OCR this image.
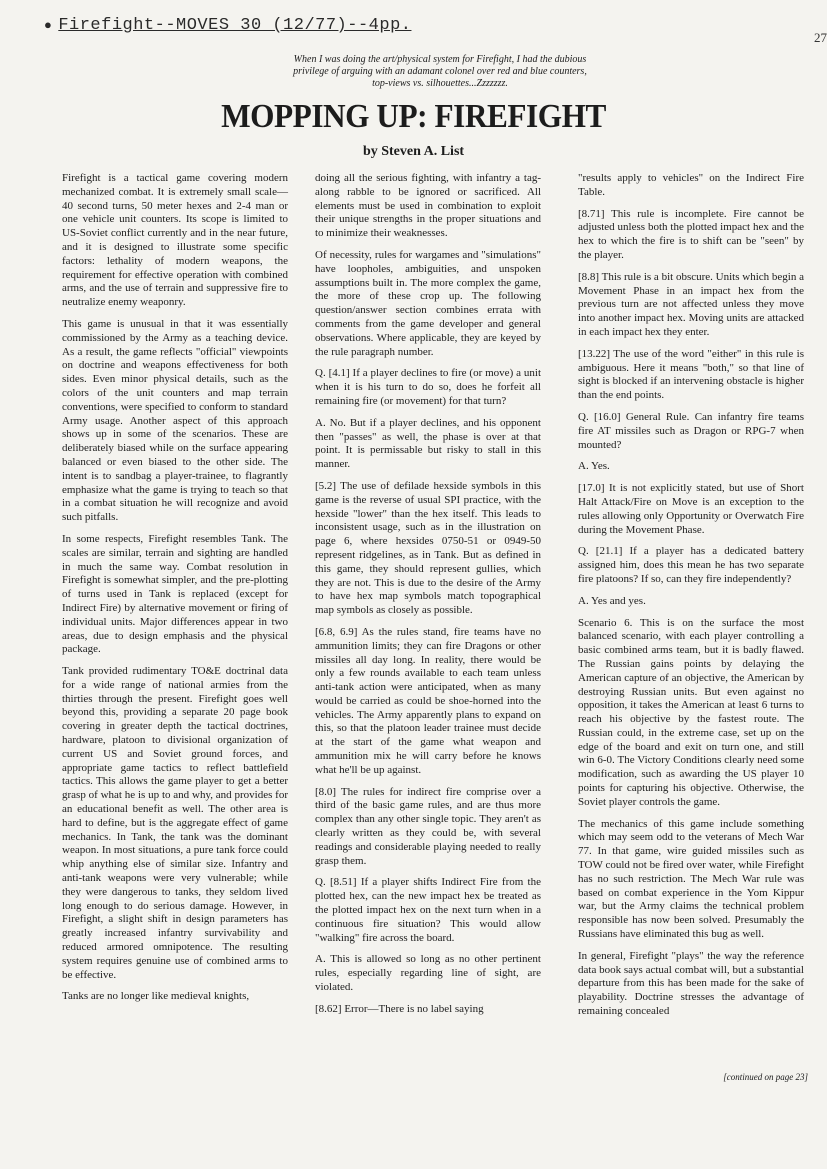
● Firefight--MOVES 30 (12/77)--4pp.
27
When I was doing the art/physical system for Firefight, I had the dubious privilege of arguing with an adamant colonel over red and blue counters, top-views vs. silhouettes...Zzzzzzz.
MOPPING UP: FIREFIGHT
by Steven A. List

Firefight is a tactical game covering modern mechanized combat. It is extremely small scale—40 second turns, 50 meter hexes and 2-4 man or one vehicle unit counters. Its scope is limited to US-Soviet conflict currently and in the near future, and it is designed to illustrate some specific factors: lethality of modern weapons, the requirement for effective operation with combined arms, and the use of terrain and suppressive fire to neutralize enemy weaponry.

This game is unusual in that it was essentially commissioned by the Army as a teaching device. As a result, the game reflects "official" viewpoints on doctrine and weapons effectiveness for both sides. Even minor physical details, such as the colors of the unit counters and map terrain conventions, were specified to conform to standard Army usage. Another aspect of this approach shows up in some of the scenarios. These are deliberately biased while on the surface appearing balanced or even biased to the other side. The intent is to sandbag a player-trainee, to flagrantly emphasize what the game is trying to teach so that in a combat situation he will recognize and avoid such pitfalls.

In some respects, Firefight resembles Tank. The scales are similar, terrain and sighting are handled in much the same way. Combat resolution in Firefight is somewhat simpler, and the pre-plotting of turns used in Tank is replaced (except for Indirect Fire) by alternative movement or firing of individual units. Major differences appear in two areas, due to design emphasis and the physical package.

Tank provided rudimentary TO&E doctrinal data for a wide range of national armies from the thirties through the present. Firefight goes well beyond this, providing a separate 20 page book covering in greater depth the tactical doctrines, hardware, platoon to divisional organization of current US and Soviet ground forces, and appropriate game tactics to reflect battlefield tactics. This allows the game player to get a better grasp of what he is up to and why, and provides for an educational benefit as well. The other area is hard to define, but is the aggregate effect of game mechanics. In Tank, the tank was the dominant weapon. In most situations, a pure tank force could whip anything else of similar size. Infantry and anti-tank weapons were very vulnerable; while they were dangerous to tanks, they seldom lived long enough to do serious damage. However, in Firefight, a slight shift in design parameters has greatly increased infantry survivability and reduced armored omnipotence. The resulting system requires genuine use of combined arms to be effective.

Tanks are no longer like medieval knights,

doing all the serious fighting, with infantry a tag-along rabble to be ignored or sacrificed. All elements must be used in combination to exploit their unique strengths in the proper situations and to minimize their weaknesses.

Of necessity, rules for wargames and "simulations" have loopholes, ambiguities, and unspoken assumptions built in. The more complex the game, the more of these crop up. The following question/answer section combines errata with comments from the game developer and general observations. Where applicable, they are keyed by the rule paragraph number.

Q. [4.1] If a player declines to fire (or move) a unit when it is his turn to do so, does he forfeit all remaining fire (or movement) for that turn?

A. No. But if a player declines, and his opponent then "passes" as well, the phase is over at that point. It is permissable but risky to stall in this manner.

[5.2] The use of defilade hexside symbols in this game is the reverse of usual SPI practice, with the hexside "lower" than the hex itself. This leads to inconsistent usage, such as in the illustration on page 6, where hexsides 0750-51 or 0949-50 represent ridgelines, as in Tank. But as defined in this game, they should represent gullies, which they are not. This is due to the desire of the Army to have hex map symbols match topographical map symbols as closely as possible.

[6.8, 6.9] As the rules stand, fire teams have no ammunition limits; they can fire Dragons or other missiles all day long. In reality, there would be only a few rounds available to each team unless anti-tank action were anticipated, when as many would be carried as could be shoe-horned into the vehicles. The Army apparently plans to expand on this, so that the platoon leader trainee must decide at the start of the game what weapon and ammunition mix he will carry before he knows what he'll be up against.

[8.0] The rules for indirect fire comprise over a third of the basic game rules, and are thus more complex than any other single topic. They aren't as clearly written as they could be, with several readings and considerable playing needed to really grasp them.

Q. [8.51] If a player shifts Indirect Fire from the plotted hex, can the new impact hex be treated as the plotted impact hex on the next turn when in a continuous fire situation? This would allow "walking" fire across the board.

A. This is allowed so long as no other pertinent rules, especially regarding line of sight, are violated.

[8.62] Error—There is no label saying

"results apply to vehicles" on the Indirect Fire Table.

[8.71] This rule is incomplete. Fire cannot be adjusted unless both the plotted impact hex and the hex to which the fire is to shift can be "seen" by the player.

[8.8] This rule is a bit obscure. Units which begin a Movement Phase in an impact hex from the previous turn are not affected unless they move into another impact hex. Moving units are attacked in each impact hex they enter.

[13.22] The use of the word "either" in this rule is ambiguous. Here it means "both," so that line of sight is blocked if an intervening obstacle is higher than the end points.

Q. [16.0] General Rule. Can infantry fire teams fire AT missiles such as Dragon or RPG-7 when mounted?

A. Yes.

[17.0] It is not explicitly stated, but use of Short Halt Attack/Fire on Move is an exception to the rules allowing only Opportunity or Overwatch Fire during the Movement Phase.

Q. [21.1] If a player has a dedicated battery assigned him, does this mean he has two separate fire platoons? If so, can they fire independently?

A. Yes and yes.

Scenario 6. This is on the surface the most balanced scenario, with each player controlling a basic combined arms team, but it is badly flawed. The Russian gains points by delaying the American capture of an objective, the American by destroying Russian units. But even against no opposition, it takes the American at least 6 turns to reach his objective by the fastest route. The Russian could, in the extreme case, set up on the edge of the board and exit on turn one, and still win 6-0. The Victory Conditions clearly need some modification, such as awarding the US player 10 points for capturing his objective. Otherwise, the Soviet player controls the game.

The mechanics of this game include something which may seem odd to the veterans of Mech War 77. In that game, wire guided missiles such as TOW could not be fired over water, while Firefight has no such restriction. The Mech War rule was based on combat experience in the Yom Kippur war, but the Army claims the technical problem responsible has now been solved. Presumably the Russians have eliminated this bug as well.

In general, Firefight "plays" the way the reference data book says actual combat will, but a substantial departure from this has been made for the sake of playability. Doctrine stresses the advantage of remaining concealed

[continued on page 23]
